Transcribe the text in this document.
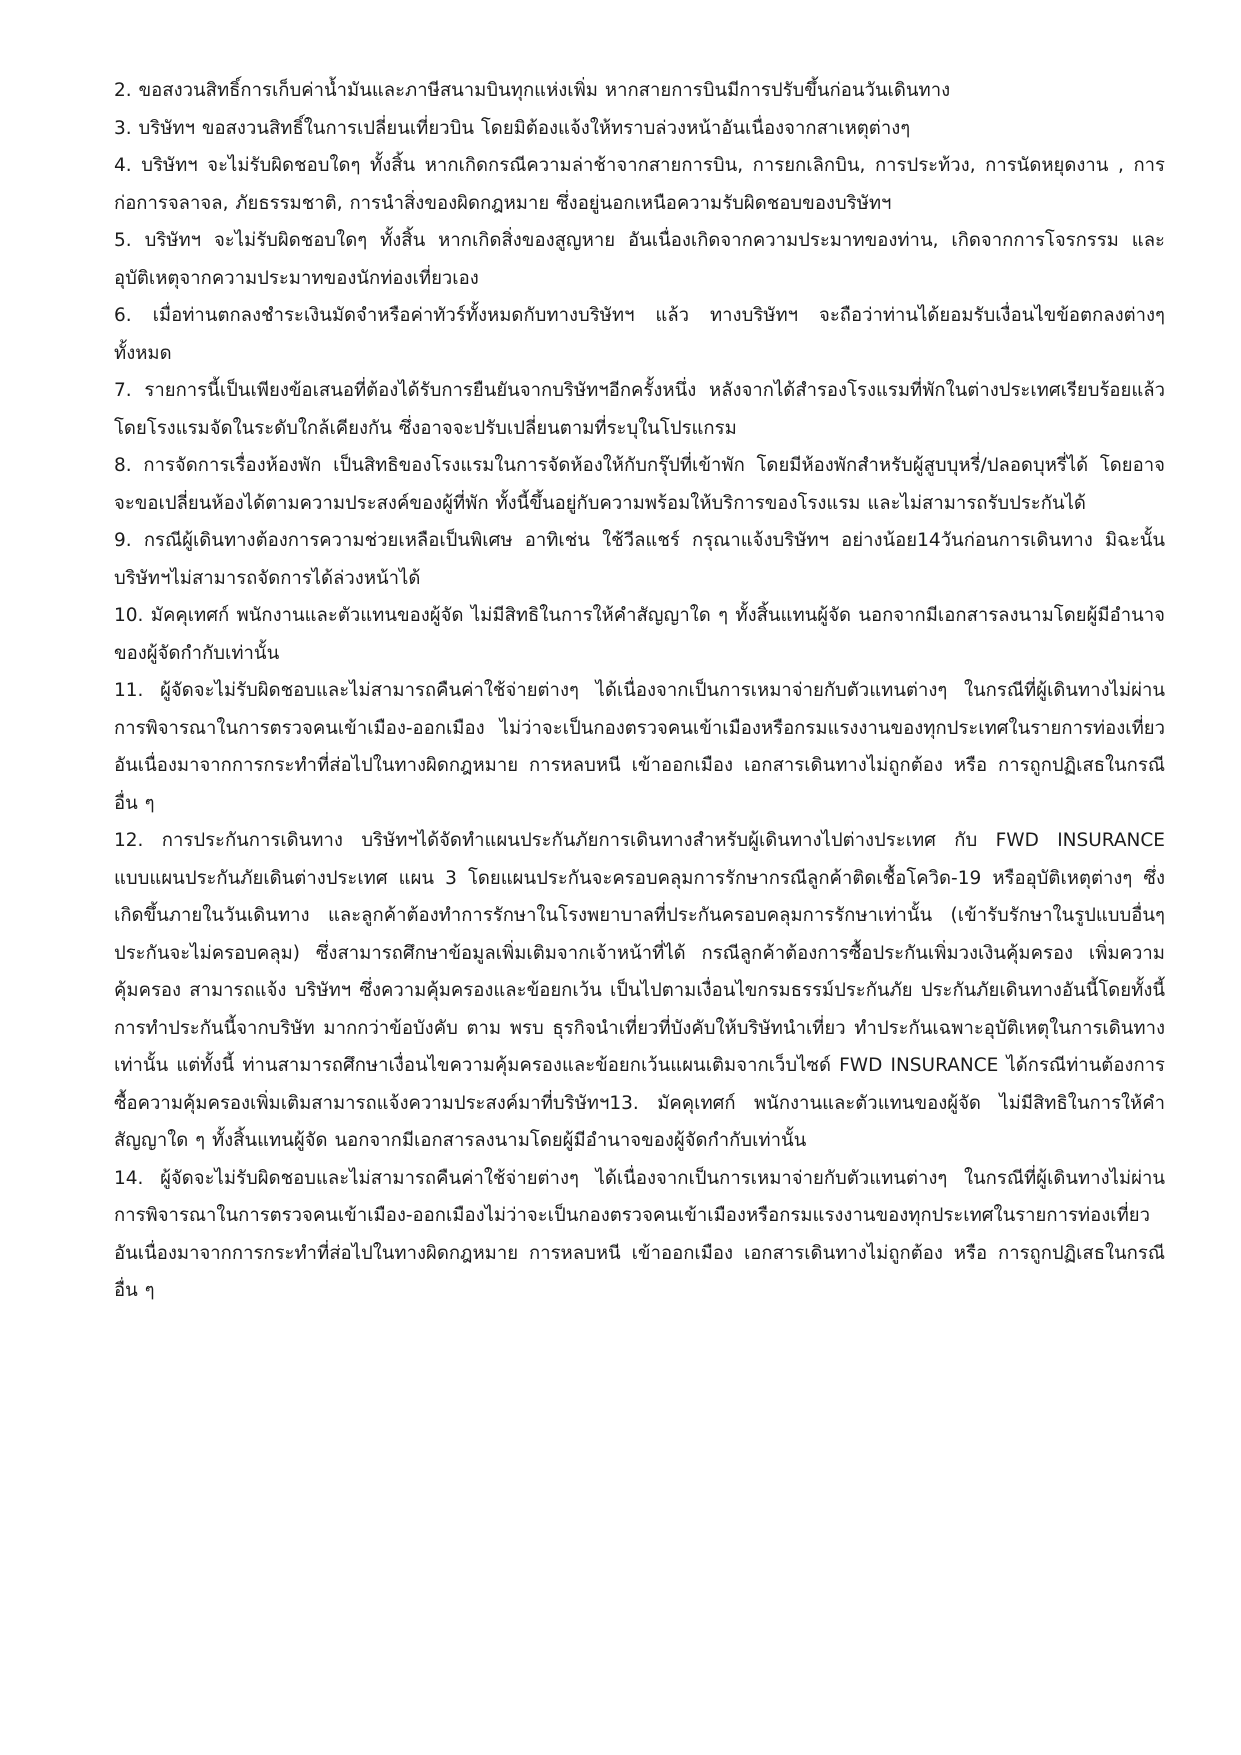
2. ขอสงวนสิทธิ์การเก็บค่าน้ำมันและภาษีสนามบินทุกแห่งเพิ่ม หากสายการบินมีการปรับขึ้นก่อนวันเดินทาง

3. บริษัทฯ ขอสงวนสิทธิ์ในการเปลี่ยนเที่ยวบิน โดยมิต้องแจ้งให้ทราบล่วงหน้าอันเนื่องจากสาเหตุต่างๆ

4. บริษัทฯ จะไม่รับผิดชอบใดๆ ทั้งสิ้น หากเกิดกรณีความล่าช้าจากสายการบิน, การยกเลิกบิน, การประท้วง, การนัดหยุดงาน , การก่อการจลาจล, ภัยธรรมชาติ, การนำสิ่งของผิดกฎหมาย ซึ่งอยู่นอกเหนือความรับผิดชอบของบริษัทฯ

5. บริษัทฯ จะไม่รับผิดชอบใดๆ ทั้งสิ้น หากเกิดสิ่งของสูญหาย อันเนื่องเกิดจากความประมาทของท่าน, เกิดจากการโจรกรรม และ อุบัติเหตุจากความประมาทของนักท่องเที่ยวเอง

6. เมื่อท่านตกลงชำระเงินมัดจำหรือค่าทัวร์ทั้งหมดกับทางบริษัทฯ แล้ว ทางบริษัทฯ จะถือว่าท่านได้ยอมรับเงื่อนไขข้อตกลงต่างๆ ทั้งหมด

7. รายการนี้เป็นเพียงข้อเสนอที่ต้องได้รับการยืนยันจากบริษัทฯอีกครั้งหนึ่ง หลังจากได้สำรองโรงแรมที่พักในต่างประเทศเรียบร้อยแล้ว โดยโรงแรมจัดในระดับใกล้เคียงกัน ซึ่งอาจจะปรับเปลี่ยนตามที่ระบุในโปรแกรม

8. การจัดการเรื่องห้องพัก เป็นสิทธิของโรงแรมในการจัดห้องให้กับกรุ๊ปที่เข้าพัก โดยมีห้องพักสำหรับผู้สูบบุหรี่/ปลอดบุหรี่ได้ โดยอาจจะขอเปลี่ยนห้องได้ตามความประสงค์ของผู้ที่พัก ทั้งนี้ขึ้นอยู่กับความพร้อมให้บริการของโรงแรม และไม่สามารถรับประกันได้

9. กรณีผู้เดินทางต้องการความช่วยเหลือเป็นพิเศษ อาทิเช่น ใช้วีลแชร์ กรุณาแจ้งบริษัทฯ อย่างน้อย14วันก่อนการเดินทาง มิฉะนั้น บริษัทฯไม่สามารถจัดการได้ล่วงหน้าได้

10. มัคคุเทศก์ พนักงานและตัวแทนของผู้จัด ไม่มีสิทธิในการให้คำสัญญาใด ๆ ทั้งสิ้นแทนผู้จัด นอกจากมีเอกสารลงนามโดยผู้มีอำนาจของผู้จัดกำกับเท่านั้น

11. ผู้จัดจะไม่รับผิดชอบและไม่สามารถคืนค่าใช้จ่ายต่างๆ ได้เนื่องจากเป็นการเหมาจ่ายกับตัวแทนต่างๆ ในกรณีที่ผู้เดินทางไม่ผ่านการพิจารณาในการตรวจคนเข้าเมือง-ออกเมือง ไม่ว่าจะเป็นกองตรวจคนเข้าเมืองหรือกรมแรงงานของทุกประเทศในรายการท่องเที่ยว อันเนื่องมาจากการกระทำที่ส่อไปในทางผิดกฎหมาย การหลบหนี เข้าออกเมือง เอกสารเดินทางไม่ถูกต้อง หรือ การถูกปฏิเสธในกรณีอื่น ๆ

12. การประกันการเดินทาง บริษัทฯได้จัดทำแผนประกันภัยการเดินทางสำหรับผู้เดินทางไปต่างประเทศ กับ FWD INSURANCE แบบแผนประกันภัยเดินต่างประเทศ แผน 3 โดยแผนประกันจะครอบคลุมการรักษากรณีลูกค้าติดเชื้อโควิด-19 หรืออุบัติเหตุต่างๆ ซึ่งเกิดขึ้นภายในวันเดินทาง และลูกค้าต้องทำการรักษาในโรงพยาบาลที่ประกันครอบคลุมการรักษาเท่านั้น (เข้ารับรักษาในรูปแบบอื่นๆประกันจะไม่ครอบคลุม) ซึ่งสามารถศึกษาข้อมูลเพิ่มเติมจากเจ้าหน้าที่ได้ กรณีลูกค้าต้องการซื้อประกันเพิ่มวงเงินคุ้มครอง เพิ่มความคุ้มครอง สามารถแจ้ง บริษัทฯ ซึ่งความคุ้มครองและข้อยกเว้น เป็นไปตามเงื่อนไขกรมธรรม์ประกันภัย ประกันภัยเดินทางอันนี้โดยทั้งนี้การทำประกันนี้จากบริษัท มากกว่าข้อบังคับ ตาม พรบ ธุรกิจนำเที่ยวที่บังคับให้บริษัทนำเที่ยว ทำประกันเฉพาะอุบัติเหตุในการเดินทางเท่านั้น แต่ทั้งนี้ ท่านสามารถศึกษาเงื่อนไขความคุ้มครองและข้อยกเว้นแผนเติมจากเว็บไซด์ FWD INSURANCE ได้กรณีท่านต้องการซื้อความคุ้มครองเพิ่มเติมสามารถแจ้งความประสงค์มาที่บริษัทฯ13. มัคคุเทศก์ พนักงานและตัวแทนของผู้จัด ไม่มีสิทธิในการให้คำสัญญาใด ๆ ทั้งสิ้นแทนผู้จัด นอกจากมีเอกสารลงนามโดยผู้มีอำนาจของผู้จัดกำกับเท่านั้น

14. ผู้จัดจะไม่รับผิดชอบและไม่สามารถคืนค่าใช้จ่ายต่างๆ ได้เนื่องจากเป็นการเหมาจ่ายกับตัวแทนต่างๆ ในกรณีที่ผู้เดินทางไม่ผ่านการพิจารณาในการตรวจคนเข้าเมือง-ออกเมืองไม่ว่าจะเป็นกองตรวจคนเข้าเมืองหรือกรมแรงงานของทุกประเทศในรายการท่องเที่ยว อันเนื่องมาจากการกระทำที่ส่อไปในทางผิดกฎหมาย การหลบหนี เข้าออกเมือง เอกสารเดินทางไม่ถูกต้อง หรือ การถูกปฏิเสธในกรณีอื่น ๆ
